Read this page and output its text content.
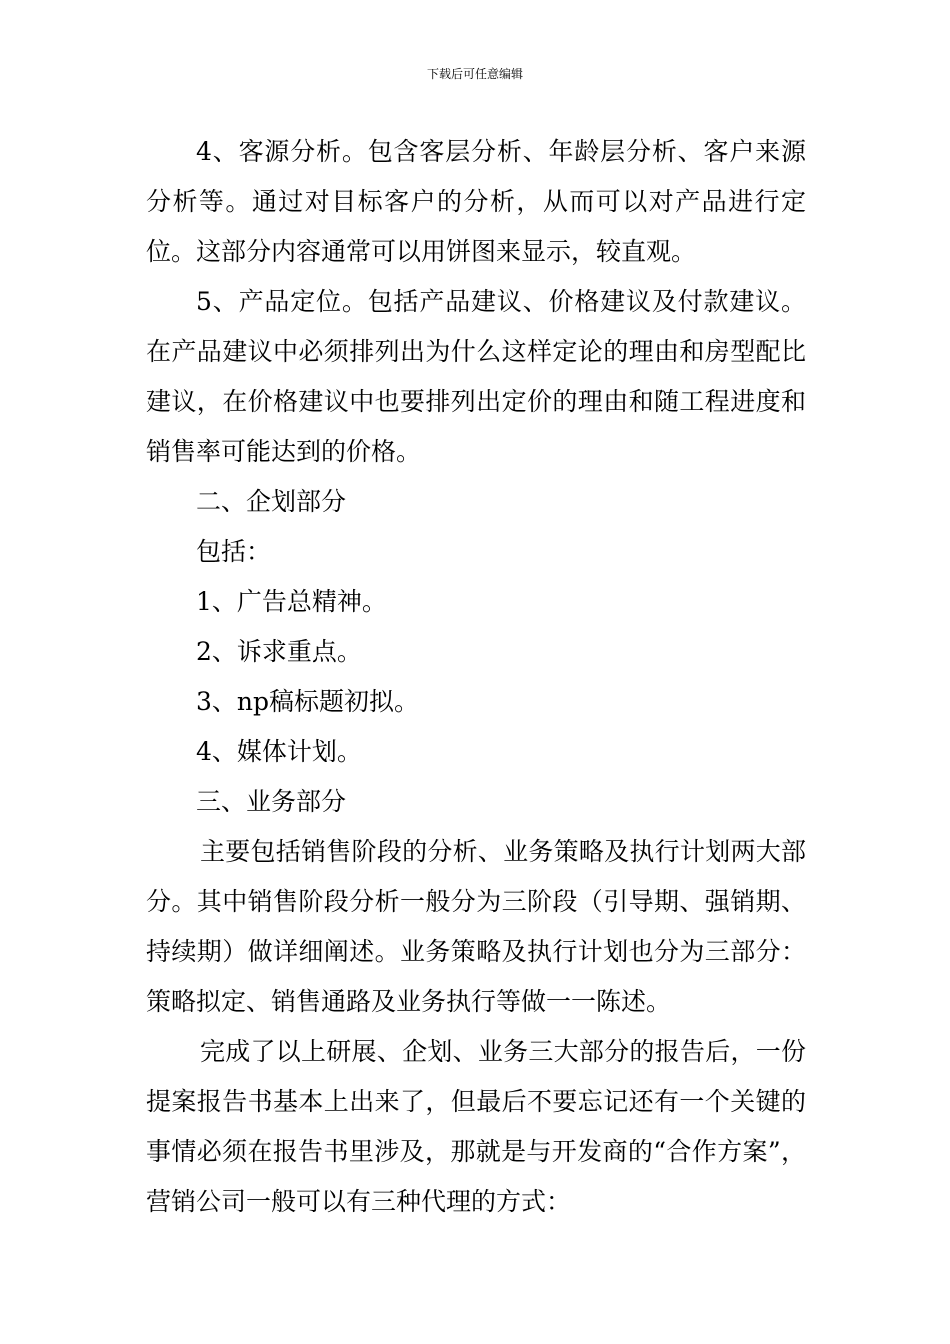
下载后可任意编辑

4、客源分析。包含客层分析、年龄层分析、客户来源分析等。通过对目标客户的分析，从而可以对产品进行定位。这部分内容通常可以用饼图来显示，较直观。

5、产品定位。包括产品建议、价格建议及付款建议。在产品建议中必须排列出为什么这样定论的理由和房型配比建议，在价格建议中也要排列出定价的理由和随工程进度和销售率可能达到的价格。

二、企划部分

包括：

1、广告总精神。

2、诉求重点。

3、np稿标题初拟。

4、媒体计划。

三、业务部分

主要包括销售阶段的分析、业务策略及执行计划两大部分。其中销售阶段分析一般分为三阶段（引导期、强销期、持续期）做详细阐述。业务策略及执行计划也分为三部分：策略拟定、销售通路及业务执行等做一一陈述。

完成了以上研展、企划、业务三大部分的报告后，一份提案报告书基本上出来了，但最后不要忘记还有一个关键的事情必须在报告书里涉及，那就是与开发商的“合作方案”，营销公司一般可以有三种代理的方式：
